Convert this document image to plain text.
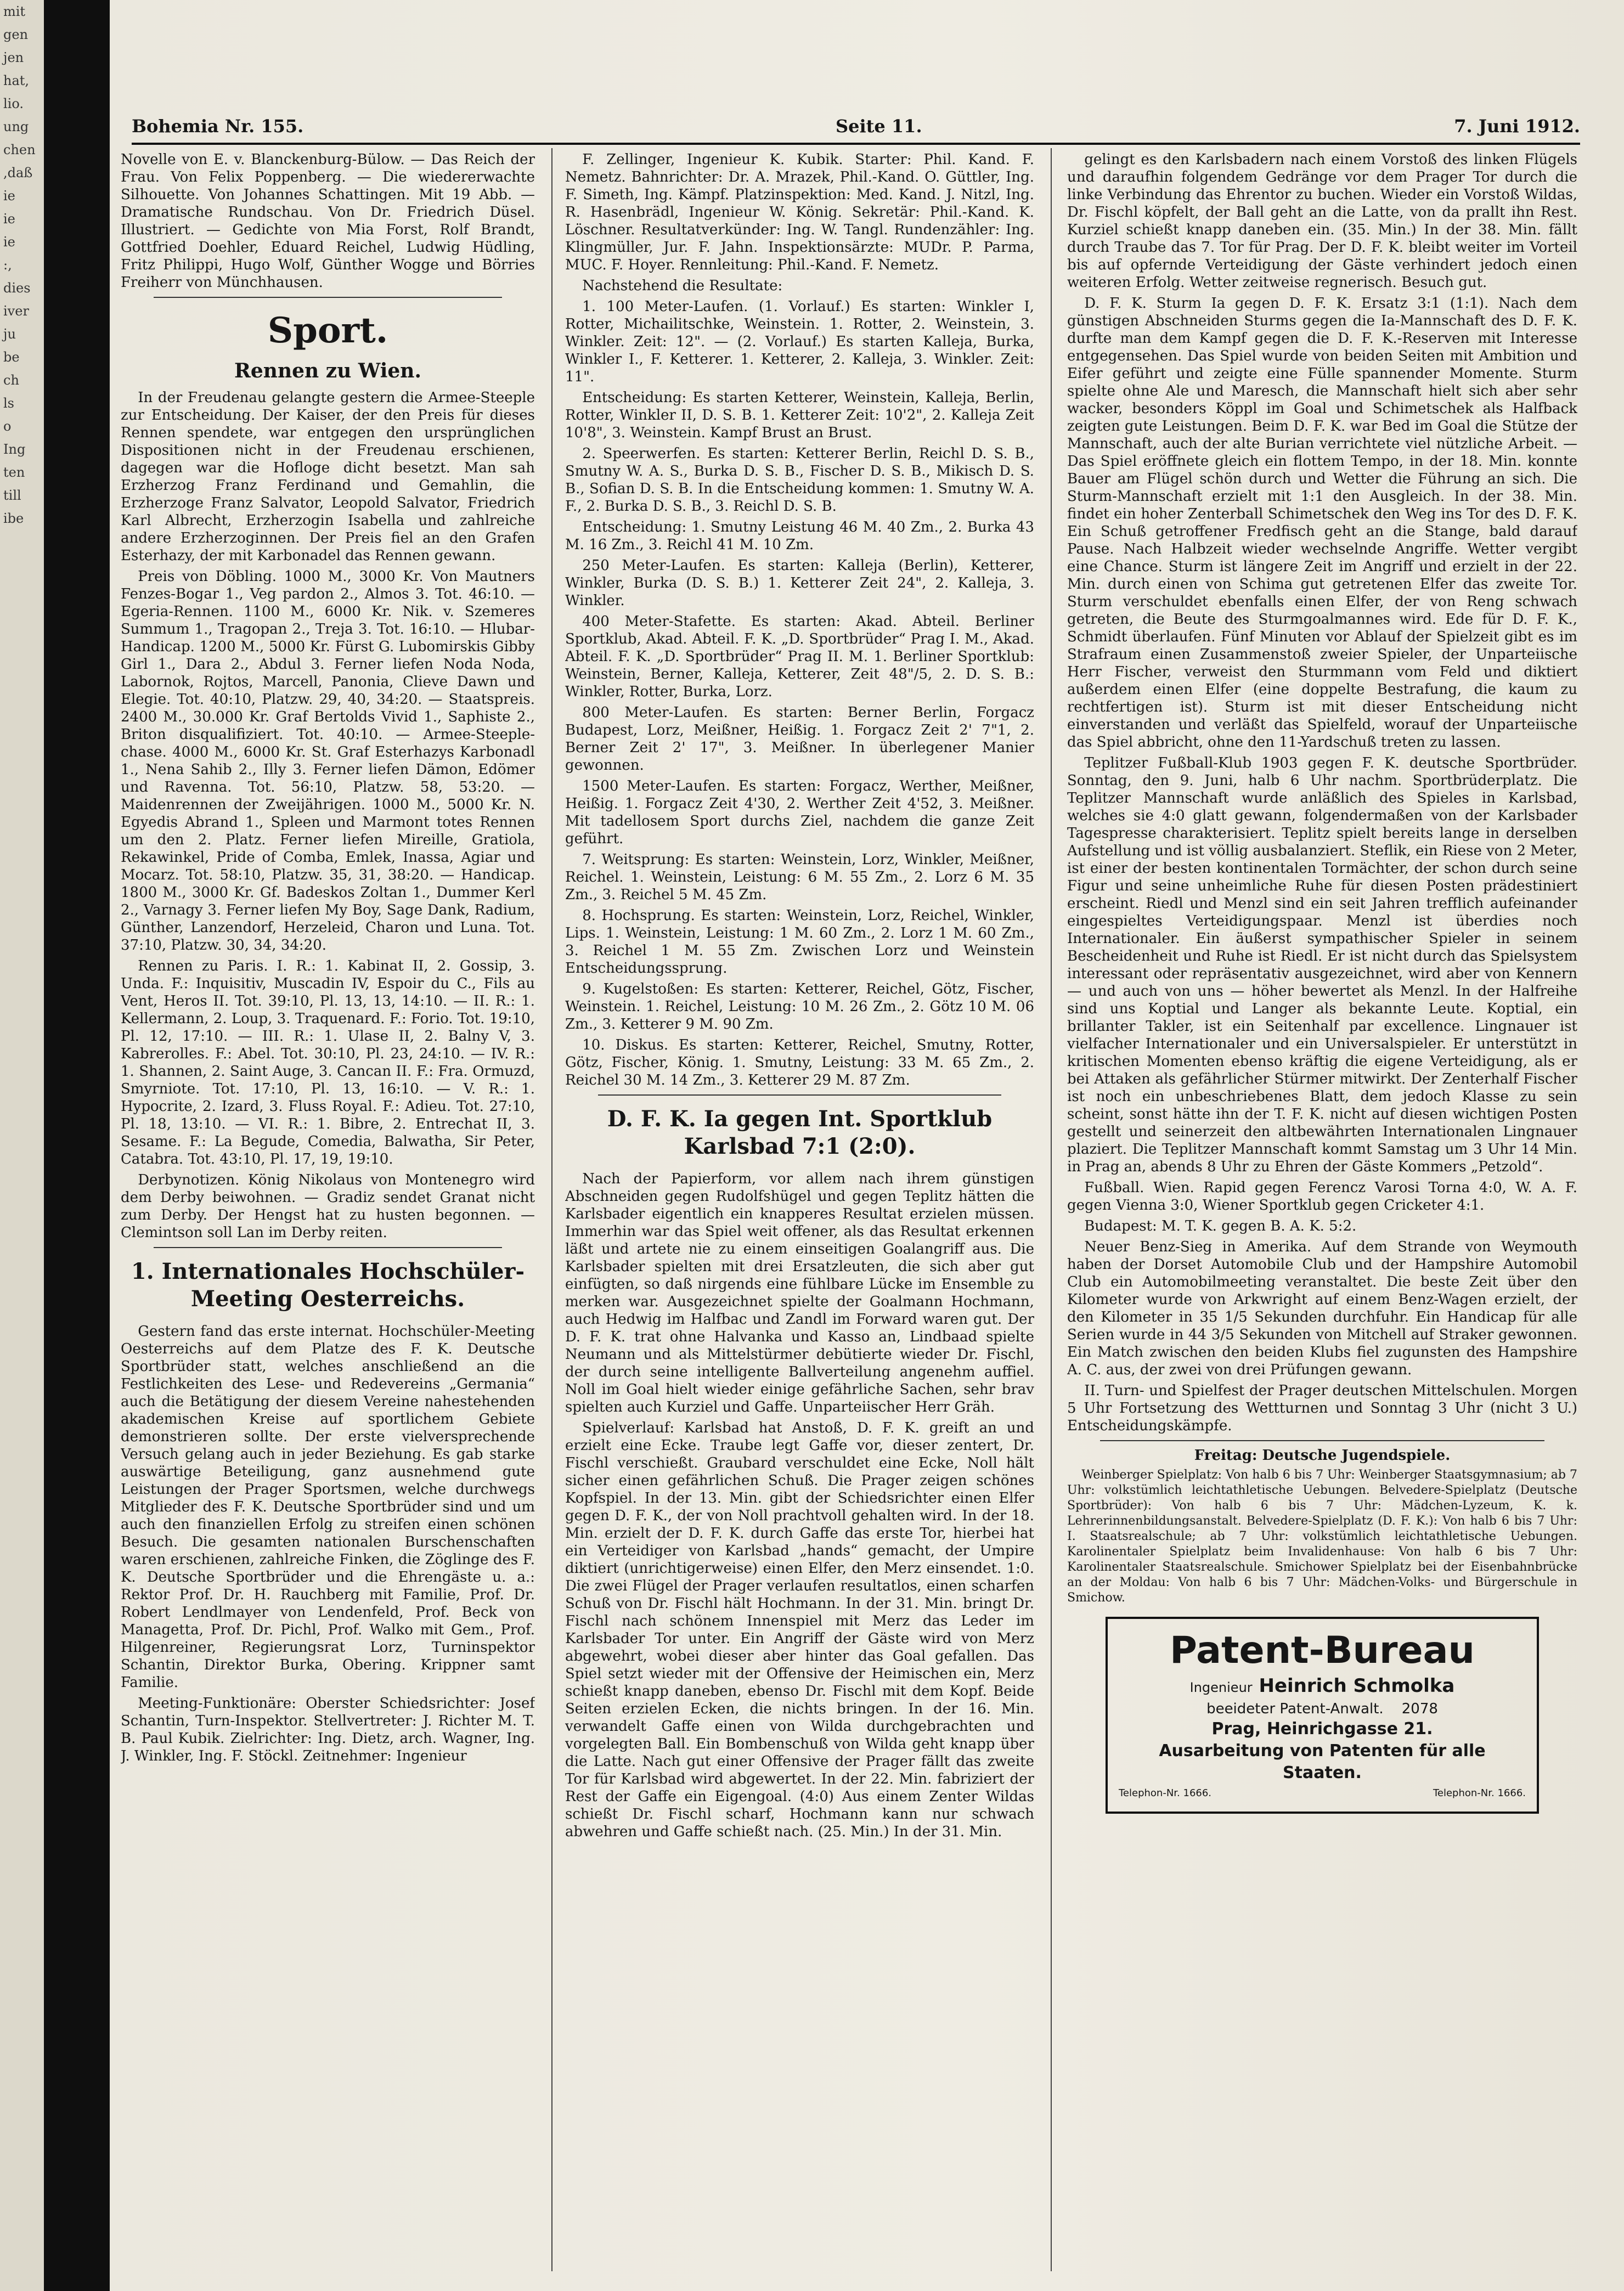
mit
gen
jen
hat,
lio.
ung
chen
,daß
ie
ie
ie
:,
dies
iver
ju
be
ch
ls
o
Ing
ten
till
ibe
Bohemia Nr. 155.	Seite 11.	7. Juni 1912.

Novelle von E. v. Blanckenburg-Bülow. — Das Reich der Frau. Von Felix Poppenberg. — Die wiedererwachte Silhouette. Von Johannes Schattingen. Mit 19 Abb. — Dramatische Rundschau. Von Dr. Friedrich Düsel. Illustriert. — Gedichte von Mia Forst, Rolf Brandt, Gottfried Doehler, Eduard Reichel, Ludwig Hüdling, Fritz Philippi, Hugo Wolf, Günther Wogge und Börries Freiherr von Münchhausen.

Sport.
Rennen zu Wien.

In der Freudenau gelangte gestern die Armee-Steeple zur Entscheidung. Der Kaiser, der den Preis für dieses Rennen spendete, war entgegen den ursprünglichen Dispositionen nicht in der Freudenau erschienen, dagegen war die Hofloge dicht besetzt. Man sah Erzherzog Franz Ferdinand und Gemahlin, die Erzherzoge Franz Salvator, Leopold Salvator, Friedrich Karl Albrecht, Erzherzogin Isabella und zahlreiche andere Erzherzoginnen. Der Preis fiel an den Grafen Esterhazy, der mit Karbonadel das Rennen gewann.

Preis von Döbling. 1000 M., 3000 Kr. Von Mautners Fenzes-Bogar 1., Veg pardon 2., Almos 3. Tot. 46:10. — Egeria-Rennen. 1100 M., 6000 Kr. Nik. v. Szemeres Summum 1., Tragopan 2., Treja 3. Tot. 16:10. — Hlubar-Handicap. 1200 M., 5000 Kr. Fürst G. Lubomirskis Gibby Girl 1., Dara 2., Abdul 3. Ferner liefen Noda Noda, Labornok, Rojtos, Marcell, Panonia, Clieve Dawn und Elegie. Tot. 40:10, Platzw. 29, 40, 34:20. — Staatspreis. 2400 M., 30.000 Kr. Graf Bertolds Vivid 1., Saphiste 2., Briton disqualifiziert. Tot. 40:10. — Armee-Steeple-chase. 4000 M., 6000 Kr. St. Graf Esterhazys Karbonadl 1., Nena Sahib 2., Illy 3. Ferner liefen Dämon, Edömer und Ravenna. Tot. 56:10, Platzw. 58, 53:20. — Maidenrennen der Zweijährigen. 1000 M., 5000 Kr. N. Egyedis Abrand 1., Spleen und Marmont totes Rennen um den 2. Platz. Ferner liefen Mireille, Gratiola, Rekawinkel, Pride of Comba, Emlek, Inassa, Agiar und Mocarz. Tot. 58:10, Platzw. 35, 31, 38:20. — Handicap. 1800 M., 3000 Kr. Gf. Badeskos Zoltan 1., Dummer Kerl 2., Varnagy 3. Ferner liefen My Boy, Sage Dank, Radium, Günther, Lanzendorf, Herzeleid, Charon und Luna. Tot. 37:10, Platzw. 30, 34, 34:20.

Rennen zu Paris. I. R.: 1. Kabinat II, 2. Gossip, 3. Unda. F.: Inquisitiv, Muscadin IV, Espoir du C., Fils au Vent, Heros II. Tot. 39:10, Pl. 13, 13, 14:10. — II. R.: 1. Kellermann, 2. Loup, 3. Traquenard. F.: Forio. Tot. 19:10, Pl. 12, 17:10. — III. R.: 1. Ulase II, 2. Balny V, 3. Kabrerolles. F.: Abel. Tot. 30:10, Pl. 23, 24:10. — IV. R.: 1. Shannen, 2. Saint Auge, 3. Cancan II. F.: Fra. Ormuzd, Smyrniote. Tot. 17:10, Pl. 13, 16:10. — V. R.: 1. Hypocrite, 2. Izard, 3. Fluss Royal. F.: Adieu. Tot. 27:10, Pl. 18, 13:10. — VI. R.: 1. Bibre, 2. Entrechat II, 3. Sesame. F.: La Begude, Comedia, Balwatha, Sir Peter, Catabra. Tot. 43:10, Pl. 17, 19, 19:10.

Derbynotizen. König Nikolaus von Montenegro wird dem Derby beiwohnen. — Gradiz sendet Granat nicht zum Derby. Der Hengst hat zu husten begonnen. — Clemintson soll Lan im Derby reiten.

1. Internationales Hochschüler-Meeting Oesterreichs.

Gestern fand das erste internat. Hochschüler-Meeting Oesterreichs auf dem Platze des F. K. Deutsche Sportbrüder statt, welches anschließend an die Festlichkeiten des Lese- und Redevereins „Germania“ auch die Betätigung der diesem Vereine nahestehenden akademischen Kreise auf sportlichem Gebiete demonstrieren sollte. Der erste vielversprechende Versuch gelang auch in jeder Beziehung. Es gab starke auswärtige Beteiligung, ganz ausnehmend gute Leistungen der Prager Sportsmen, welche durchwegs Mitglieder des F. K. Deutsche Sportbrüder sind und um auch den finanziellen Erfolg zu streifen einen schönen Besuch. Die gesamten nationalen Burschenschaften waren erschienen, zahlreiche Finken, die Zöglinge des F. K. Deutsche Sportbrüder und die Ehrengäste u. a.: Rektor Prof. Dr. H. Rauchberg mit Familie, Prof. Dr. Robert Lendlmayer von Lendenfeld, Prof. Beck von Managetta, Prof. Dr. Pichl, Prof. Walko mit Gem., Prof. Hilgenreiner, Regierungsrat Lorz, Turninspektor Schantin, Direktor Burka, Obering. Krippner samt Familie.

Meeting-Funktionäre: Oberster Schiedsrichter: Josef Schantin, Turn-Inspektor. Stellvertreter: J. Richter M. T. B. Paul Kubik. Zielrichter: Ing. Dietz, arch. Wagner, Ing. J. Winkler, Ing. F. Stöckl. Zeitnehmer: Ingenieur

F. Zellinger, Ingenieur K. Kubik. Starter: Phil. Kand. F. Nemetz. Bahnrichter: Dr. A. Mrazek, Phil.-Kand. O. Güttler, Ing. F. Simeth, Ing. Kämpf. Platzinspektion: Med. Kand. J. Nitzl, Ing. R. Hasenbrädl, Ingenieur W. König. Sekretär: Phil.-Kand. K. Löschner. Resultatverkünder: Ing. W. Tangl. Rundenzähler: Ing. Klingmüller, Jur. F. Jahn. Inspektionsärzte: MUDr. P. Parma, MUC. F. Hoyer. Rennleitung: Phil.-Kand. F. Nemetz.

Nachstehend die Resultate:

1. 100 Meter-Laufen. (1. Vorlauf.) Es starten: Winkler I, Rotter, Michailitschke, Weinstein. 1. Rotter, 2. Weinstein, 3. Winkler. Zeit: 12". — (2. Vorlauf.) Es starten Kalleja, Burka, Winkler I., F. Ketterer. 1. Ketterer, 2. Kalleja, 3. Winkler. Zeit: 11".

Entscheidung: Es starten Ketterer, Weinstein, Kalleja, Berlin, Rotter, Winkler II, D. S. B. 1. Ketterer Zeit: 10'2", 2. Kalleja Zeit 10'8", 3. Weinstein. Kampf Brust an Brust.

2. Speerwerfen. Es starten: Ketterer Berlin, Reichl D. S. B., Smutny W. A. S., Burka D. S. B., Fischer D. S. B., Mikisch D. S. B., Sofian D. S. B. In die Entscheidung kommen: 1. Smutny W. A. F., 2. Burka D. S. B., 3. Reichl D. S. B.

Entscheidung: 1. Smutny Leistung 46 M. 40 Zm., 2. Burka 43 M. 16 Zm., 3. Reichl 41 M. 10 Zm.

250 Meter-Laufen. Es starten: Kalleja (Berlin), Ketterer, Winkler, Burka (D. S. B.) 1. Ketterer Zeit 24", 2. Kalleja, 3. Winkler.

400 Meter-Stafette. Es starten: Akad. Abteil. Berliner Sportklub, Akad. Abteil. F. K. „D. Sportbrüder“ Prag I. M., Akad. Abteil. F. K. „D. Sportbrüder“ Prag II. M. 1. Berliner Sportklub: Weinstein, Berner, Kalleja, Ketterer, Zeit 48"/5, 2. D. S. B.: Winkler, Rotter, Burka, Lorz.

800 Meter-Laufen. Es starten: Berner Berlin, Forgacz Budapest, Lorz, Meißner, Heißig. 1. Forgacz Zeit 2' 7"1, 2. Berner Zeit 2' 17", 3. Meißner. In überlegener Manier gewonnen.

1500 Meter-Laufen. Es starten: Forgacz, Werther, Meißner, Heißig. 1. Forgacz Zeit 4'30, 2. Werther Zeit 4'52, 3. Meißner. Mit tadellosem Sport durchs Ziel, nachdem die ganze Zeit geführt.

7. Weitsprung: Es starten: Weinstein, Lorz, Winkler, Meißner, Reichel. 1. Weinstein, Leistung: 6 M. 55 Zm., 2. Lorz 6 M. 35 Zm., 3. Reichel 5 M. 45 Zm.

8. Hochsprung. Es starten: Weinstein, Lorz, Reichel, Winkler, Lips. 1. Weinstein, Leistung: 1 M. 60 Zm., 2. Lorz 1 M. 60 Zm., 3. Reichel 1 M. 55 Zm. Zwischen Lorz und Weinstein Entscheidungssprung.

9. Kugelstoßen: Es starten: Ketterer, Reichel, Götz, Fischer, Weinstein. 1. Reichel, Leistung: 10 M. 26 Zm., 2. Götz 10 M. 06 Zm., 3. Ketterer 9 M. 90 Zm.

10. Diskus. Es starten: Ketterer, Reichel, Smutny, Rotter, Götz, Fischer, König. 1. Smutny, Leistung: 33 M. 65 Zm., 2. Reichel 30 M. 14 Zm., 3. Ketterer 29 M. 87 Zm.

D. F. K. Ia gegen Int. Sportklub Karlsbad 7:1 (2:0).

Nach der Papierform, vor allem nach ihrem günstigen Abschneiden gegen Rudolfshügel und gegen Teplitz hätten die Karlsbader eigentlich ein knapperes Resultat erzielen müssen. Immerhin war das Spiel weit offener, als das Resultat erkennen läßt und artete nie zu einem einseitigen Goalangriff aus. Die Karlsbader spielten mit drei Ersatzleuten, die sich aber gut einfügten, so daß nirgends eine fühlbare Lücke im Ensemble zu merken war. Ausgezeichnet spielte der Goalmann Hochmann, auch Hedwig im Halfbac und Zandl im Forward waren gut. Der D. F. K. trat ohne Halvanka und Kasso an, Lindbaad spielte Neumann und als Mittelstürmer debütierte wieder Dr. Fischl, der durch seine intelligente Ballverteilung angenehm auffiel. Noll im Goal hielt wieder einige gefährliche Sachen, sehr brav spielten auch Kurziel und Gaffe. Unparteiischer Herr Gräh.

Spielverlauf: Karlsbad hat Anstoß, D. F. K. greift an und erzielt eine Ecke. Traube legt Gaffe vor, dieser zentert, Dr. Fischl verschießt. Graubard verschuldet eine Ecke, Noll hält sicher einen gefährlichen Schuß. Die Prager zeigen schönes Kopfspiel. In der 13. Min. gibt der Schiedsrichter einen Elfer gegen D. F. K., der von Noll prachtvoll gehalten wird. In der 18. Min. erzielt der D. F. K. durch Gaffe das erste Tor, hierbei hat ein Verteidiger von Karlsbad „hands“ gemacht, der Umpire diktiert (unrichtigerweise) einen Elfer, den Merz einsendet. 1:0. Die zwei Flügel der Prager verlaufen resultatlos, einen scharfen Schuß von Dr. Fischl hält Hochmann. In der 31. Min. bringt Dr. Fischl nach schönem Innenspiel mit Merz das Leder im Karlsbader Tor unter. Ein Angriff der Gäste wird von Merz abgewehrt, wobei dieser aber hinter das Goal gefallen. Das Spiel setzt wieder mit der Offensive der Heimischen ein, Merz schießt knapp daneben, ebenso Dr. Fischl mit dem Kopf. Beide Seiten erzielen Ecken, die nichts bringen. In der 16. Min. verwandelt Gaffe einen von Wilda durchgebrachten und vorgelegten Ball. Ein Bombenschuß von Wilda geht knapp über die Latte. Nach gut einer Offensive der Prager fällt das zweite Tor für Karlsbad wird abgewertet. In der 22. Min. fabriziert der Rest der Gaffe ein Eigengoal. (4:0) Aus einem Zenter Wildas schießt Dr. Fischl scharf, Hochmann kann nur schwach abwehren und Gaffe schießt nach. (25. Min.) In der 31. Min.

gelingt es den Karlsbadern nach einem Vorstoß des linken Flügels und daraufhin folgendem Gedränge vor dem Prager Tor durch die linke Verbindung das Ehrentor zu buchen. Wieder ein Vorstoß Wildas, Dr. Fischl köpfelt, der Ball geht an die Latte, von da prallt ihn Rest. Kurziel schießt knapp daneben ein. (35. Min.) In der 38. Min. fällt durch Traube das 7. Tor für Prag. Der D. F. K. bleibt weiter im Vorteil bis auf opfernde Verteidigung der Gäste verhindert jedoch einen weiteren Erfolg. Wetter zeitweise regnerisch. Besuch gut.

D. F. K. Sturm Ia gegen D. F. K. Ersatz 3:1 (1:1). Nach dem günstigen Abschneiden Sturms gegen die Ia-Mannschaft des D. F. K. durfte man dem Kampf gegen die D. F. K.-Reserven mit Interesse entgegensehen. Das Spiel wurde von beiden Seiten mit Ambition und Eifer geführt und zeigte eine Fülle spannender Momente. Sturm spielte ohne Ale und Maresch, die Mannschaft hielt sich aber sehr wacker, besonders Köppl im Goal und Schimetschek als Halfback zeigten gute Leistungen. Beim D. F. K. war Bed im Goal die Stütze der Mannschaft, auch der alte Burian verrichtete viel nützliche Arbeit. — Das Spiel eröffnete gleich ein flottem Tempo, in der 18. Min. konnte Bauer am Flügel schön durch und Wetter die Führung an sich. Die Sturm-Mannschaft erzielt mit 1:1 den Ausgleich. In der 38. Min. findet ein hoher Zenterball Schimetschek den Weg ins Tor des D. F. K. Ein Schuß getroffener Fredfisch geht an die Stange, bald darauf Pause. Nach Halbzeit wieder wechselnde Angriffe. Wetter vergibt eine Chance. Sturm ist längere Zeit im Angriff und erzielt in der 22. Min. durch einen von Schima gut getretenen Elfer das zweite Tor. Sturm verschuldet ebenfalls einen Elfer, der von Reng schwach getreten, die Beute des Sturmgoalmannes wird. Ede für D. F. K., Schmidt überlaufen. Fünf Minuten vor Ablauf der Spielzeit gibt es im Strafraum einen Zusammenstoß zweier Spieler, der Unparteiische Herr Fischer, verweist den Sturmmann vom Feld und diktiert außerdem einen Elfer (eine doppelte Bestrafung, die kaum zu rechtfertigen ist). Sturm ist mit dieser Entscheidung nicht einverstanden und verläßt das Spielfeld, worauf der Unparteiische das Spiel abbricht, ohne den 11-Yardschuß treten zu lassen.

Teplitzer Fußball-Klub 1903 gegen F. K. deutsche Sportbrüder. Sonntag, den 9. Juni, halb 6 Uhr nachm. Sportbrüderplatz. Die Teplitzer Mannschaft wurde anläßlich des Spieles in Karlsbad, welches sie 4:0 glatt gewann, folgendermaßen von der Karlsbader Tagespresse charakterisiert. Teplitz spielt bereits lange in derselben Aufstellung und ist völlig ausbalanziert. Steflik, ein Riese von 2 Meter, ist einer der besten kontinentalen Tormächter, der schon durch seine Figur und seine unheimliche Ruhe für diesen Posten prädestiniert erscheint. Riedl und Menzl sind ein seit Jahren trefflich aufeinander eingespieltes Verteidigungspaar. Menzl ist überdies noch Internationaler. Ein äußerst sympathischer Spieler in seinem Bescheidenheit und Ruhe ist Riedl. Er ist nicht durch das Spielsystem interessant oder repräsentativ ausgezeichnet, wird aber von Kennern — und auch von uns — höher bewertet als Menzl. In der Halfreihe sind uns Koptial und Langer als bekannte Leute. Koptial, ein brillanter Takler, ist ein Seitenhalf par excellence. Lingnauer ist vielfacher Internationaler und ein Universalspieler. Er unterstützt in kritischen Momenten ebenso kräftig die eigene Verteidigung, als er bei Attaken als gefährlicher Stürmer mitwirkt. Der Zenterhalf Fischer ist noch ein unbeschriebenes Blatt, dem jedoch Klasse zu sein scheint, sonst hätte ihn der T. F. K. nicht auf diesen wichtigen Posten gestellt und seinerzeit den altbewährten Internationalen Lingnauer plaziert. Die Teplitzer Mannschaft kommt Samstag um 3 Uhr 14 Min. in Prag an, abends 8 Uhr zu Ehren der Gäste Kommers „Petzold“.

Fußball. Wien. Rapid gegen Ferencz Varosi Torna 4:0, W. A. F. gegen Vienna 3:0, Wiener Sportklub gegen Cricketer 4:1.

Budapest: M. T. K. gegen B. A. K. 5:2.

Neuer Benz-Sieg in Amerika. Auf dem Strande von Weymouth haben der Dorset Automobile Club und der Hampshire Automobil Club ein Automobilmeeting veranstaltet. Die beste Zeit über den Kilometer wurde von Arkwright auf einem Benz-Wagen erzielt, der den Kilometer in 35 1/5 Sekunden durchfuhr. Ein Handicap für alle Serien wurde in 44 3/5 Sekunden von Mitchell auf Straker gewonnen. Ein Match zwischen den beiden Klubs fiel zugunsten des Hampshire A. C. aus, der zwei von drei Prüfungen gewann.

II. Turn- und Spielfest der Prager deutschen Mittelschulen. Morgen 5 Uhr Fortsetzung des Wettturnen und Sonntag 3 Uhr (nicht 3 U.) Entscheidungskämpfe.

Freitag: Deutsche Jugendspiele.

Weinberger Spielplatz: Von halb 6 bis 7 Uhr: Weinberger Staatsgymnasium; ab 7 Uhr: volkstümlich leichtathletische Uebungen. Belvedere-Spielplatz (Deutsche Sportbrüder): Von halb 6 bis 7 Uhr: Mädchen-Lyzeum, K. k. Lehrerinnenbildungsanstalt. Belvedere-Spielplatz (D. F. K.): Von halb 6 bis 7 Uhr: I. Staatsrealschule; ab 7 Uhr: volkstümlich leichtathletische Uebungen. Karolinentaler Spielplatz beim Invalidenhause: Von halb 6 bis 7 Uhr: Karolinentaler Staatsrealschule. Smichower Spielplatz bei der Eisenbahnbrücke an der Moldau: Von halb 6 bis 7 Uhr: Mädchen-Volks- und Bürgerschule in Smichow.

Patent-Bureau
Ingenieur Heinrich Schmolka
beeideter Patent-Anwalt. 2078
Prag, Heinrichgasse 21.
Ausarbeitung von Patenten für alle Staaten.
Telephon-Nr. 1666.	Telephon-Nr. 1666.
